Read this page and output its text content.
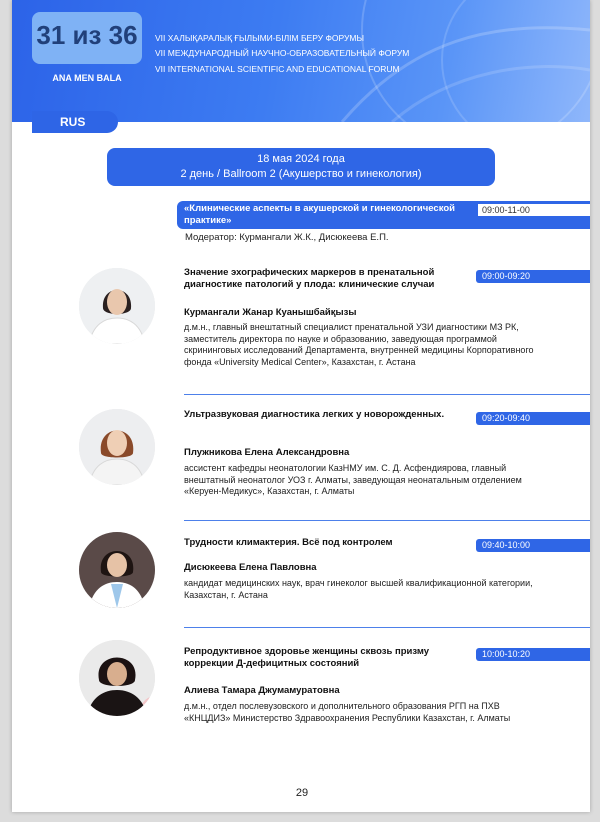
31 из 36
ANA MEN BALA
VII ХАЛЫҚАРАЛЫҚ ҒЫЛЫМИ-БІЛІМ БЕРУ ФОРУМЫ
VII МЕЖДУНАРОДНЫЙ НАУЧНО-ОБРАЗОВАТЕЛЬНЫЙ ФОРУМ
VII INTERNATIONAL SCIENTIFIC AND EDUCATIONAL FORUM
RUS
18 мая 2024 года
2 день / Ballroom 2 (Акушерство и гинекология)
«Клинические аспекты в акушерской и гинекологической практике»
09:00-11-00
Модератор: Курмангали Ж.К., Дисюкеева Е.П.
Значение эхографических маркеров в пренатальной диагностике патологий у плода: клинические случаи
09:00-09:20
Курмангали Жанар Куанышбайқызы
д.м.н., главный внештатный специалист пренатальной УЗИ диагностики МЗ РК, заместитель директора по науке и образованию, заведующая программой скрининговых исследований Департамента, внутренней медицины Корпоративного фонда «University Medical Center», Казахстан, г. Астана
Ультразвуковая диагностика легких у новорожденных.	09:20-09:40
Плужникова Елена Александровна
ассистент кафедры неонатологии КазНМУ им. С. Д. Асфендиярова, главный внештатный неонатолог УОЗ г. Алматы, заведующая неонатальным отделением «Керуен-Медикус», Казахстан, г. Алматы
Трудности климактерия. Всё под контролем	09:40-10:00
Дисюкеева Елена Павловна
кандидат медицинских наук, врач гинеколог высшей квалификационной категории, Казахстан, г. Астана
Репродуктивное здоровье женщины сквозь призму коррекции Д-дефицитных состояний
10:00-10:20
Алиева Тамара Джумамуратовна
д.м.н., отдел послевузовского и дополнительного образования РГП на ПХВ «КНЦДИЗ» Министерство Здравоохранения Республики Казахстан, г. Алматы
29
